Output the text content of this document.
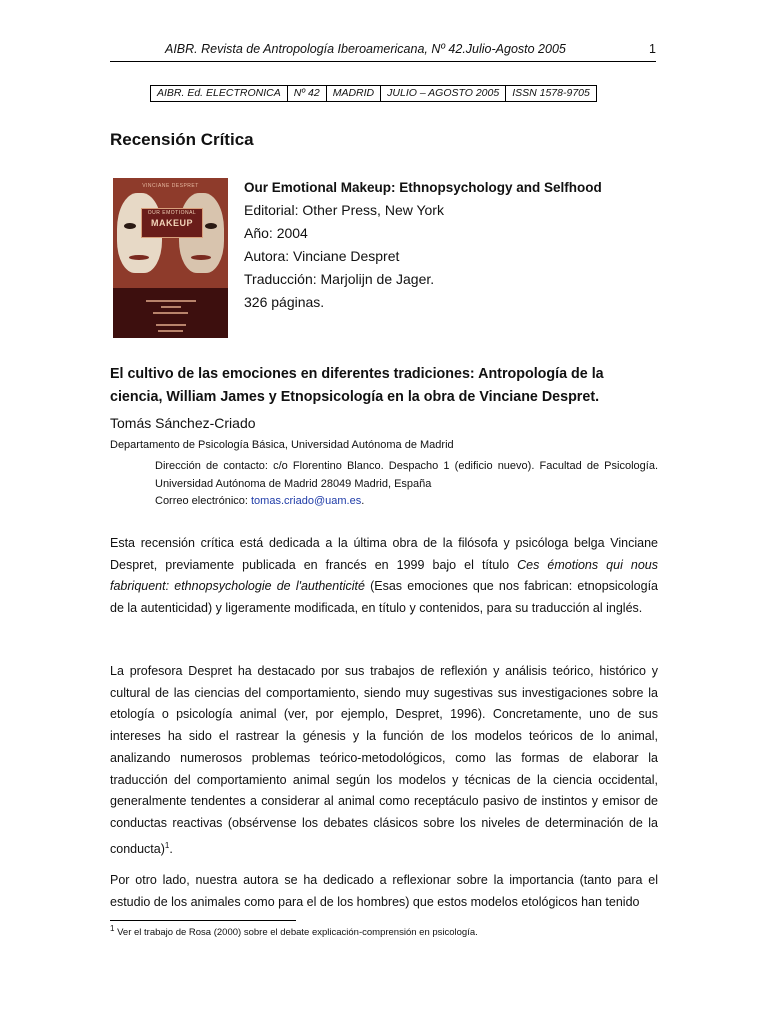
AIBR. Revista de Antropología Iberoamericana, Nº 42.Julio-Agosto 2005	1
AIBR. Ed. ELECTRONICA	Nº 42	MADRID	JULIO – AGOSTO 2005	ISSN 1578-9705
Recensión Crítica
VINCIANE DESPRET
OUR EMOTIONAL
MAKEUP
Our Emotional Makeup: Ethnopsychology and Selfhood
Editorial: Other Press, New York
Año: 2004
Autora: Vinciane Despret
Traducción: Marjolijn de Jager.
326 páginas.
El cultivo de las emociones en diferentes tradiciones: Antropología de la ciencia, William James y Etnopsicología en la obra de Vinciane Despret.
Tomás Sánchez-Criado
Departamento de Psicología Básica, Universidad Autónoma de Madrid
Dirección de contacto: c/o Florentino Blanco. Despacho 1 (edificio nuevo). Facultad de Psicología. Universidad Autónoma de Madrid 28049 Madrid, España
Correo electrónico: tomas.criado@uam.es.
Esta recensión crítica está dedicada a la última obra de la filósofa y psicóloga belga Vinciane Despret, previamente publicada en francés en 1999 bajo el título Ces émotions qui nous fabriquent: ethnopsychologie de l'authenticité (Esas emociones que nos fabrican: etnopsicología de la autenticidad) y ligeramente modificada, en título y contenidos, para su traducción al inglés.
La profesora Despret ha destacado por sus trabajos de reflexión y análisis teórico, histórico y cultural de las ciencias del comportamiento, siendo muy sugestivas sus investigaciones sobre la etología o psicología animal (ver, por ejemplo, Despret, 1996). Concretamente, uno de sus intereses ha sido el rastrear la génesis y la función de los modelos teóricos de lo animal, analizando numerosos problemas teórico-metodológicos, como las formas de elaborar la traducción del comportamiento animal según los modelos y técnicas de la ciencia occidental, generalmente tendentes a considerar al animal como receptáculo pasivo de instintos y emisor de conductas reactivas (obsérvense los debates clásicos sobre los niveles de determinación de la conducta)$^1$.
Por otro lado, nuestra autora se ha dedicado a reflexionar sobre la importancia (tanto para el estudio de los animales como para el de los hombres) que estos modelos etológicos han tenido
$^1$ Ver el trabajo de Rosa (2000) sobre el debate explicación-comprensión en psicología.
